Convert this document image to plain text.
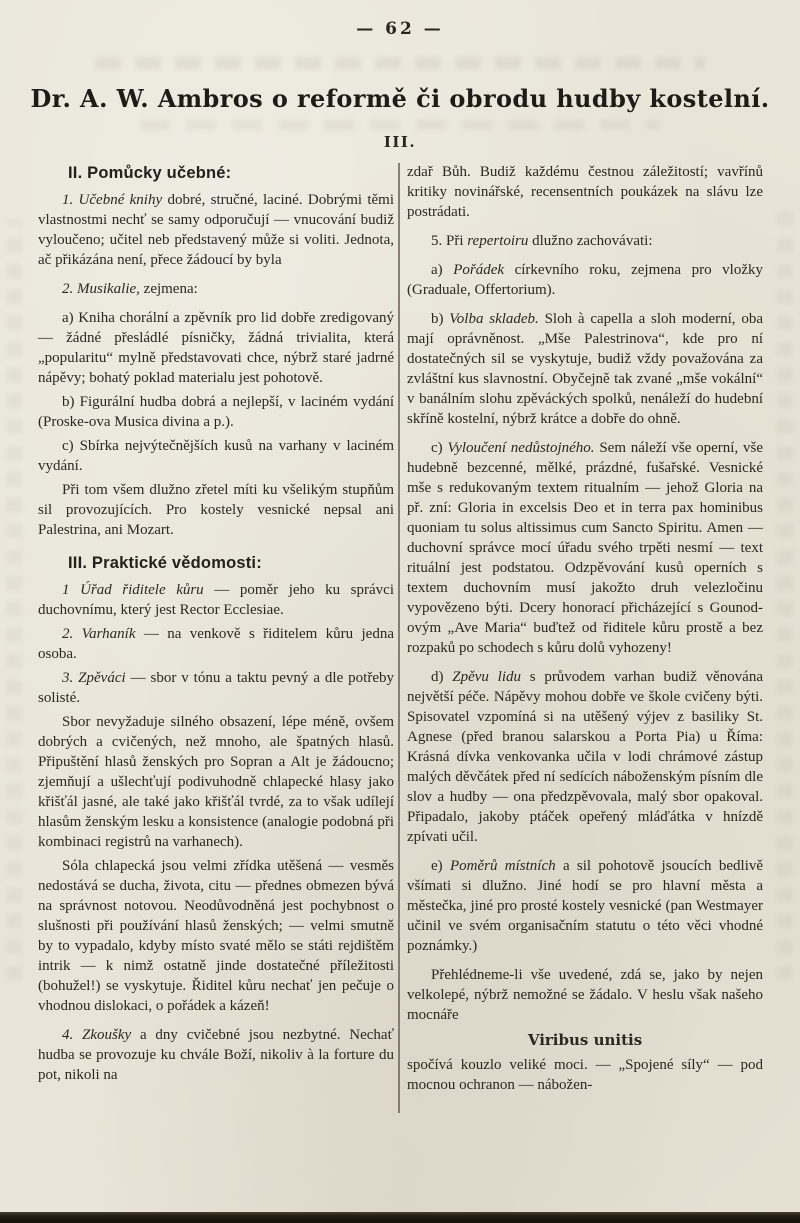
— 62 —
Dr. A. W. Ambros o reformě či obrodu hudby kostelní.
III.
II. Pomůcky učebné:

1. Učebné knihy dobré, stručné, laciné. Dobrými těmi vlastnostmi nechť se samy odporučují — vnucování budiž vyloučeno; učitel neb představený může si voliti. Jednota, ač přikázána není, přece žádoucí by byla

2. Musikalie, zejmena:

a) Kniha chorální a zpěvník pro lid dobře zredigovaný — žádné přesládlé písničky, žádná trivialita, která „popularitu“ mylně představovati chce, nýbrž staré jadrné nápěvy; bohatý poklad materialu jest pohotově.

b) Figurální hudba dobrá a nejlepší, v laciném vydání (Proske-ova Musica divina a p.).

c) Sbírka nejvýtečnějších kusů na varhany v laciném vydání.

Při tom všem dlužno zřetel míti ku všelikým stupňům sil provozujících. Pro kostely vesnické nepsal ani Palestrina, ani Mozart.

III. Praktické vědomosti:

1 Úřad řiditele kůru — poměr jeho ku správci duchovnímu, který jest Rector Ecclesiae.

2. Varhaník — na venkově s řiditelem kůru jedna osoba.

3. Zpěváci — sbor v tónu a taktu pevný a dle potřeby solisté.

Sbor nevyžaduje silného obsazení, lépe méně, ovšem dobrých a cvičených, než mnoho, ale špatných hlasů. Připuštění hlasů ženských pro Sopran a Alt je žádoucno; zjemňují a ušlechťují podivuhodně chlapecké hlasy jako křišťál jasné, ale také jako křišťál tvrdé, za to však udílejí hlasům ženským lesku a konsistence (analogie podobná při kombinaci registrů na varhanech).

Sóla chlapecká jsou velmi zřídka utěšená — vesměs nedostává se ducha, života, citu — přednes obmezen bývá na správnost notovou. Neodůvodněná jest pochybnost o slušnosti při používání hlasů ženských; — velmi smutně by to vypadalo, kdyby místo svaté mělo se státi rejdištěm intrik — k nimž ostatně jinde dostatečné příležitosti (bohužel!) se vyskytuje. Řiditel kůru nechať jen pečuje o vhodnou dislokaci, o pořádek a kázeň!

4. Zkoušky a dny cvičebné jsou nezbytné. Nechať hudba se provozuje ku chvále Boží, nikoliv à la forture du pot, nikoli na

zdař Bůh. Budiž každému čestnou záležitostí; vavřínů kritiky novinářské, recensentních poukázek na slávu lze postrádati.

5. Při repertoiru dlužno zachovávati:

a) Pořádek církevního roku, zejmena pro vložky (Graduale, Offertorium).

b) Volba skladeb. Sloh à capella a sloh moderní, oba mají oprávněnost. „Mše Palestrinova“, kde pro ní dostatečných sil se vyskytuje, budiž vždy považována za zvláštní kus slavnostní. Obyčejně tak zvané „mše vokální“ v banálním slohu zpěváckých spolků, nenáleží do hudební skříně kostelní, nýbrž krátce a dobře do ohně.

c) Vyloučení nedůstojného. Sem náleží vše operní, vše hudebně bezcenné, mělké, prázdné, fušařské. Vesnické mše s redukovaným textem ritualním — jehož Gloria na př. zní: Gloria in excelsis Deo et in terra pax hominibus quoniam tu solus altissimus cum Sancto Spiritu. Amen — duchovní správce mocí úřadu svého trpěti nesmí — text rituální jest podstatou. Odzpěvování kusů operních s textem duchovním musí jakožto druh velezločinu vypovězeno býti. Dcery honorací přicházející s Gounod-ovým „Ave Maria“ buďtež od řiditele kůru prostě a bez rozpaků po schodech s kůru dolů vyhozeny!

d) Zpěvu lidu s průvodem varhan budiž věnována největší péče. Nápěvy mohou dobře ve škole cvičeny býti. Spisovatel vzpomíná si na utěšený výjev z basiliky St. Agnese (před branou salarskou a Porta Pia) u Říma: Krásná dívka venkovanka učila v lodi chrámové zástup malých děvčátek před ní sedících náboženským písním dle slov a hudby — ona předzpěvovala, malý sbor opakoval. Připadalo, jakoby ptáček opeřený mláďátka v hnízdě zpívati učil.

e) Poměrů místních a sil pohotově jsoucích bedlivě všímati si dlužno. Jiné hodí se pro hlavní města a městečka, jiné pro prosté kostely vesnické (pan Westmayer učinil ve svém organisačním statutu o této věci vhodné poznámky.)

Přehlédneme-li vše uvedené, zdá se, jako by nejen velkolepé, nýbrž nemožné se žádalo. V heslu však našeho mocnáře

Viribus unitis

spočívá kouzlo veliké moci. — „Spojené síly“ — pod mocnou ochranon — nábožen-
